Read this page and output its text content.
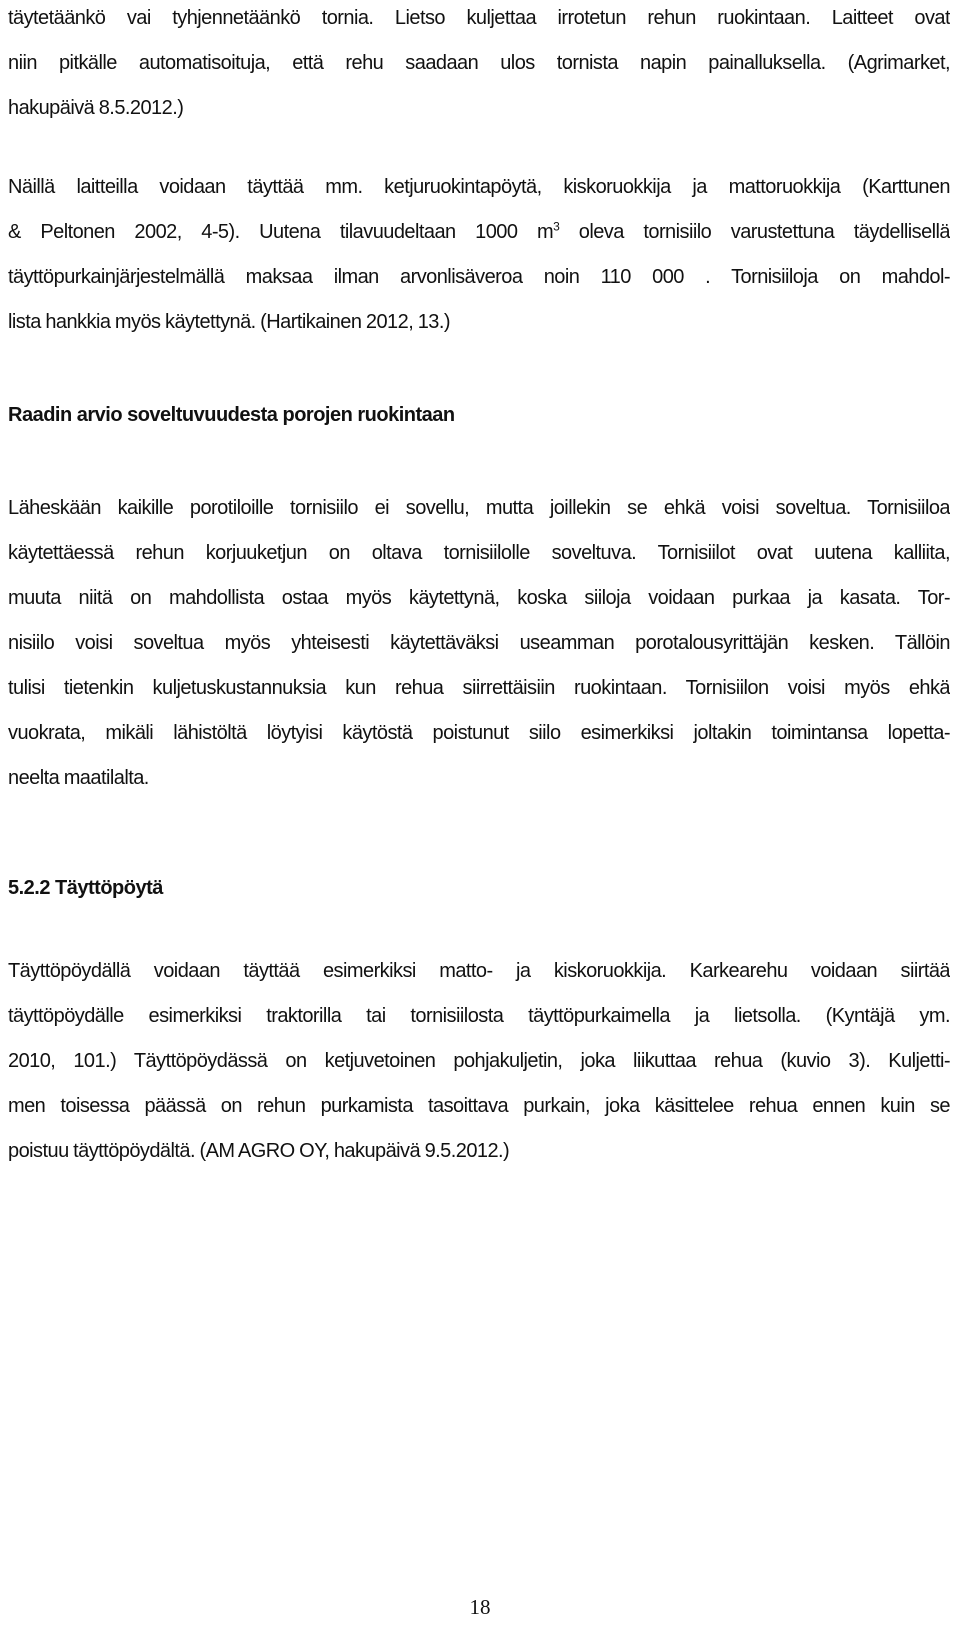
täytetäänkö vai tyhjennetäänkö tornia. Lietso kuljettaa irrotetun rehun ruokintaan. Laitteet ovat
niin pitkälle automatisoituja, että rehu saadaan ulos tornista napin painalluksella. (Agrimarket,
hakupäivä 8.5.2012.)
Näillä laitteilla voidaan täyttää mm. ketjuruokintapöytä, kiskoruokkija ja mattoruokkija (Karttunen
& Peltonen 2002, 4-5). Uutena tilavuudeltaan 1000 $m^3$ oleva tornisiilo varustettuna täydellisellä
täyttöpurkainjärjestelmällä maksaa ilman arvonlisäveroa noin 110 000 . Tornisiiloja on mahdol-
lista hankkia myös käytettynä. (Hartikainen 2012, 13.)
Raadin arvio soveltuvuudesta porojen ruokintaan
Läheskään kaikille porotiloille tornisiilo ei sovellu, mutta joillekin se ehkä voisi soveltua. Tornisiiloa
käytettäessä rehun korjuuketjun on oltava tornisiilolle soveltuva. Tornisiilot ovat uutena kalliita,
muuta niitä on mahdollista ostaa myös käytettynä, koska siiloja voidaan purkaa ja kasata. Tor-
nisiilo voisi soveltua myös yhteisesti käytettäväksi useamman porotalousyrittäjän kesken. Tällöin
tulisi tietenkin kuljetuskustannuksia kun rehua siirrettäisiin ruokintaan. Tornisiilon voisi myös ehkä
vuokrata, mikäli lähistöltä löytyisi käytöstä poistunut siilo esimerkiksi joltakin toimintansa lopetta-
neelta maatilalta.
5.2.2 Täyttöpöytä
Täyttöpöydällä voidaan täyttää esimerkiksi matto- ja kiskoruokkija. Karkearehu voidaan siirtää
täyttöpöydälle esimerkiksi traktorilla tai tornisiilosta täyttöpurkaimella ja lietsolla. (Kyntäjä ym.
2010, 101.) Täyttöpöydässä on ketjuvetoinen pohjakuljetin, joka liikuttaa rehua (kuvio 3). Kuljetti-
men toisessa päässä on rehun purkamista tasoittava purkain, joka käsittelee rehua ennen kuin se
poistuu täyttöpöydältä. (AM AGRO OY, hakupäivä 9.5.2012.)
18
